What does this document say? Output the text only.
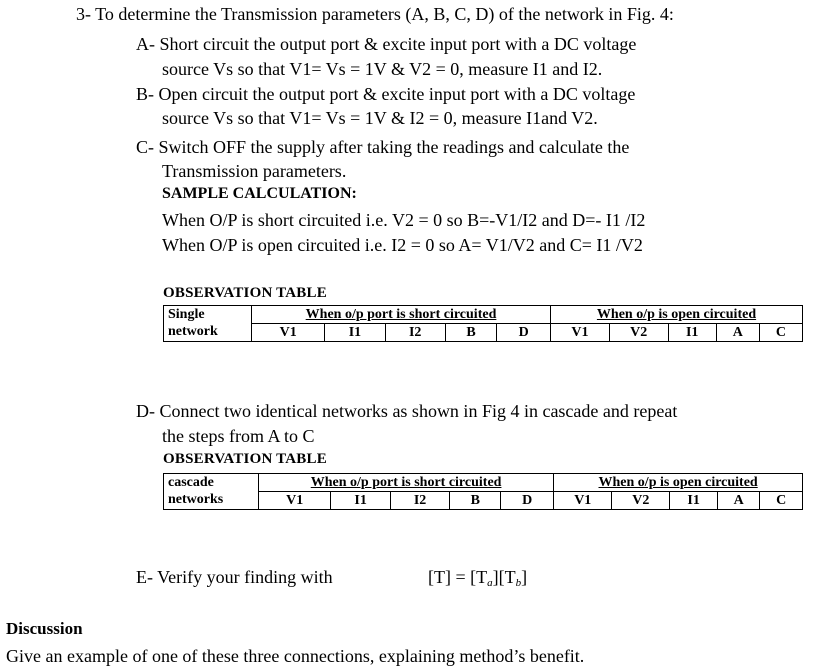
3- To determine the Transmission parameters (A, B, C, D) of the network in Fig. 4:
A- Short circuit the output port & excite input port with a DC voltage
source Vs so that V1= Vs = 1V & V2 = 0, measure I1 and I2.
B- Open circuit the output port & excite input port with a DC voltage
source Vs so that V1= Vs = 1V & I2 = 0, measure I1and V2.
C- Switch OFF the supply after taking the readings and calculate the
Transmission parameters.
SAMPLE CALCULATION:
When O/P is short circuited i.e. V2 = 0 so B=-V1/I2 and D=- I1 /I2
When O/P is open circuited i.e. I2 = 0 so A= V1/V2 and C= I1 /V2
OBSERVATION TABLE
Single	When o/p port is short circuited					When o/p is open circuited				
network	V1	I1	I2	B	D	V1	V2	I1	A	C
D- Connect two identical networks as shown in Fig 4 in cascade and repeat
the steps from A to C
OBSERVATION TABLE
cascade	When o/p port is short circuited					When o/p is open circuited				
networks	V1	I1	I2	B	D	V1	V2	I1	A	C
E- Verify your finding with	$[T] = [T_a][T_b]$
Discussion
Give an example of one of these three connections, explaining method’s benefit.
